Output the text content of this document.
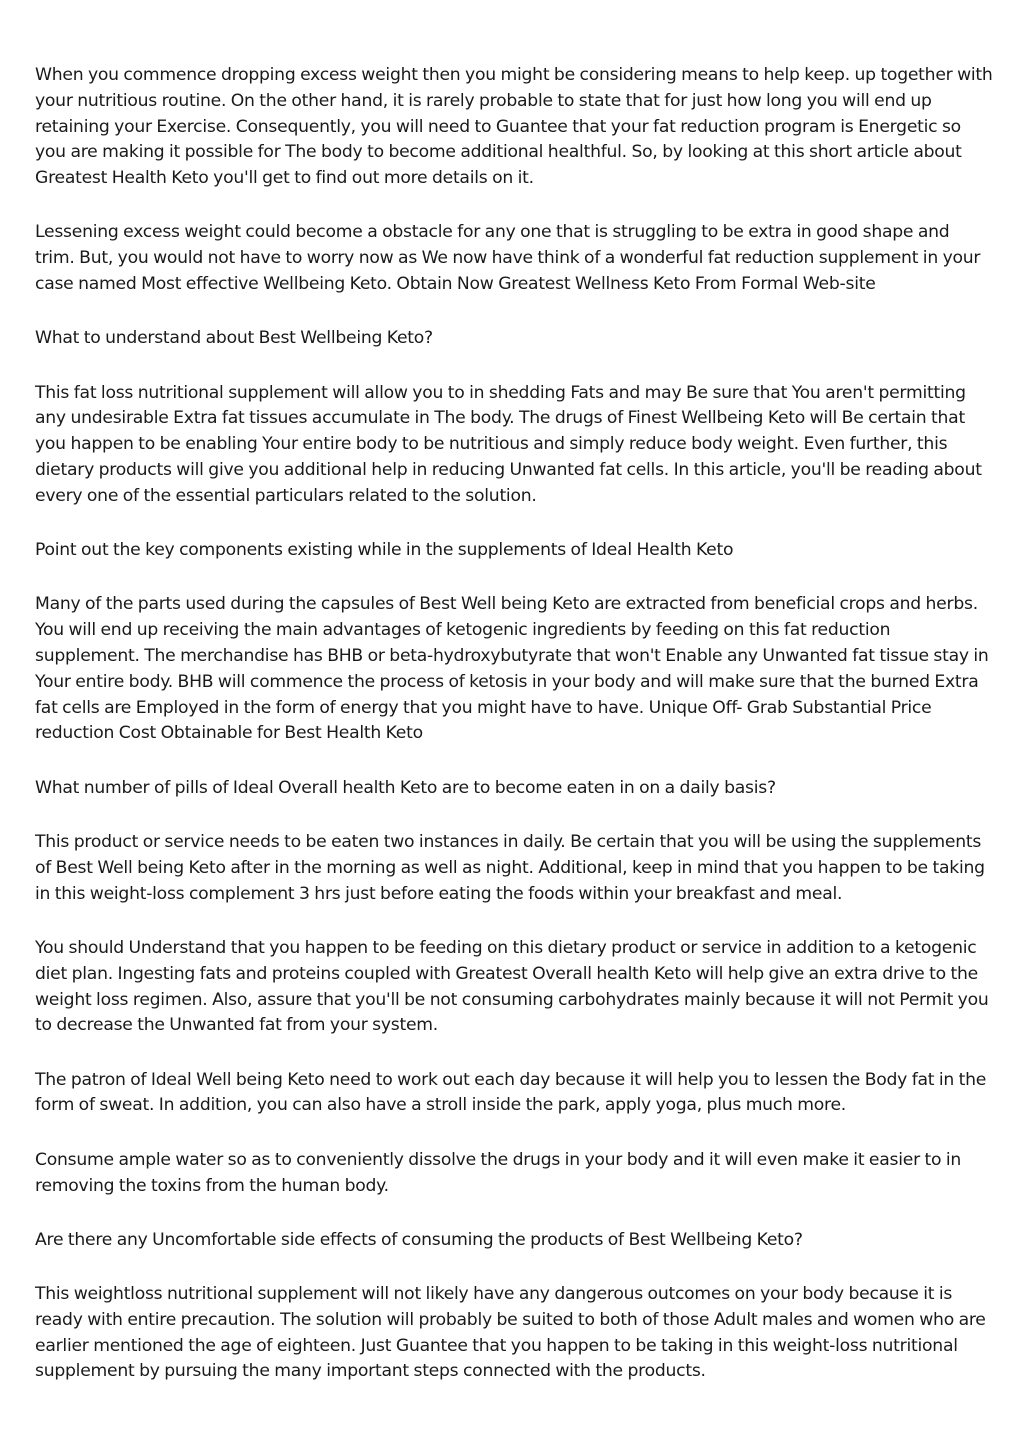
When you commence dropping excess weight then you might be considering means to help keep. up together with your nutritious routine. On the other hand, it is rarely probable to state that for just how long you will end up retaining your Exercise. Consequently, you will need to Guantee that your fat reduction program is Energetic so you are making it possible for The body to become additional healthful. So, by looking at this short article about Greatest Health Keto you'll get to find out more details on it.

Lessening excess weight could become a obstacle for any one that is struggling to be extra in good shape and trim. But, you would not have to worry now as We now have think of a wonderful fat reduction supplement in your case named Most effective Wellbeing Keto. Obtain Now Greatest Wellness Keto From Formal Web-site

What to understand about Best Wellbeing Keto?

This fat loss nutritional supplement will allow you to in shedding Fats and may Be sure that You aren't permitting any undesirable Extra fat tissues accumulate in The body. The drugs of Finest Wellbeing Keto will Be certain that you happen to be enabling Your entire body to be nutritious and simply reduce body weight. Even further, this dietary products will give you additional help in reducing Unwanted fat cells. In this article, you'll be reading about every one of the essential particulars related to the solution.

Point out the key components existing while in the supplements of Ideal Health Keto

Many of the parts used during the capsules of Best Well being Keto are extracted from beneficial crops and herbs. You will end up receiving the main advantages of ketogenic ingredients by feeding on this fat reduction supplement. The merchandise has BHB or beta-hydroxybutyrate that won't Enable any Unwanted fat tissue stay in Your entire body. BHB will commence the process of ketosis in your body and will make sure that the burned Extra fat cells are Employed in the form of energy that you might have to have. Unique Off- Grab Substantial Price reduction Cost Obtainable for Best Health Keto

What number of pills of Ideal Overall health Keto are to become eaten in on a daily basis?

This product or service needs to be eaten two instances in daily. Be certain that you will be using the supplements of Best Well being Keto after in the morning as well as night. Additional, keep in mind that you happen to be taking in this weight-loss complement 3 hrs just before eating the foods within your breakfast and meal.

You should Understand that you happen to be feeding on this dietary product or service in addition to a ketogenic diet plan. Ingesting fats and proteins coupled with Greatest Overall health Keto will help give an extra drive to the weight loss regimen. Also, assure that you'll be not consuming carbohydrates mainly because it will not Permit you to decrease the Unwanted fat from your system.

The patron of Ideal Well being Keto need to work out each day because it will help you to lessen the Body fat in the form of sweat. In addition, you can also have a stroll inside the park, apply yoga, plus much more.

Consume ample water so as to conveniently dissolve the drugs in your body and it will even make it easier to in removing the toxins from the human body.

Are there any Uncomfortable side effects of consuming the products of Best Wellbeing Keto?

This weightloss nutritional supplement will not likely have any dangerous outcomes on your body because it is ready with entire precaution. The solution will probably be suited to both of those Adult males and women who are earlier mentioned the age of eighteen. Just Guantee that you happen to be taking in this weight-loss nutritional supplement by pursuing the many important steps connected with the products.
